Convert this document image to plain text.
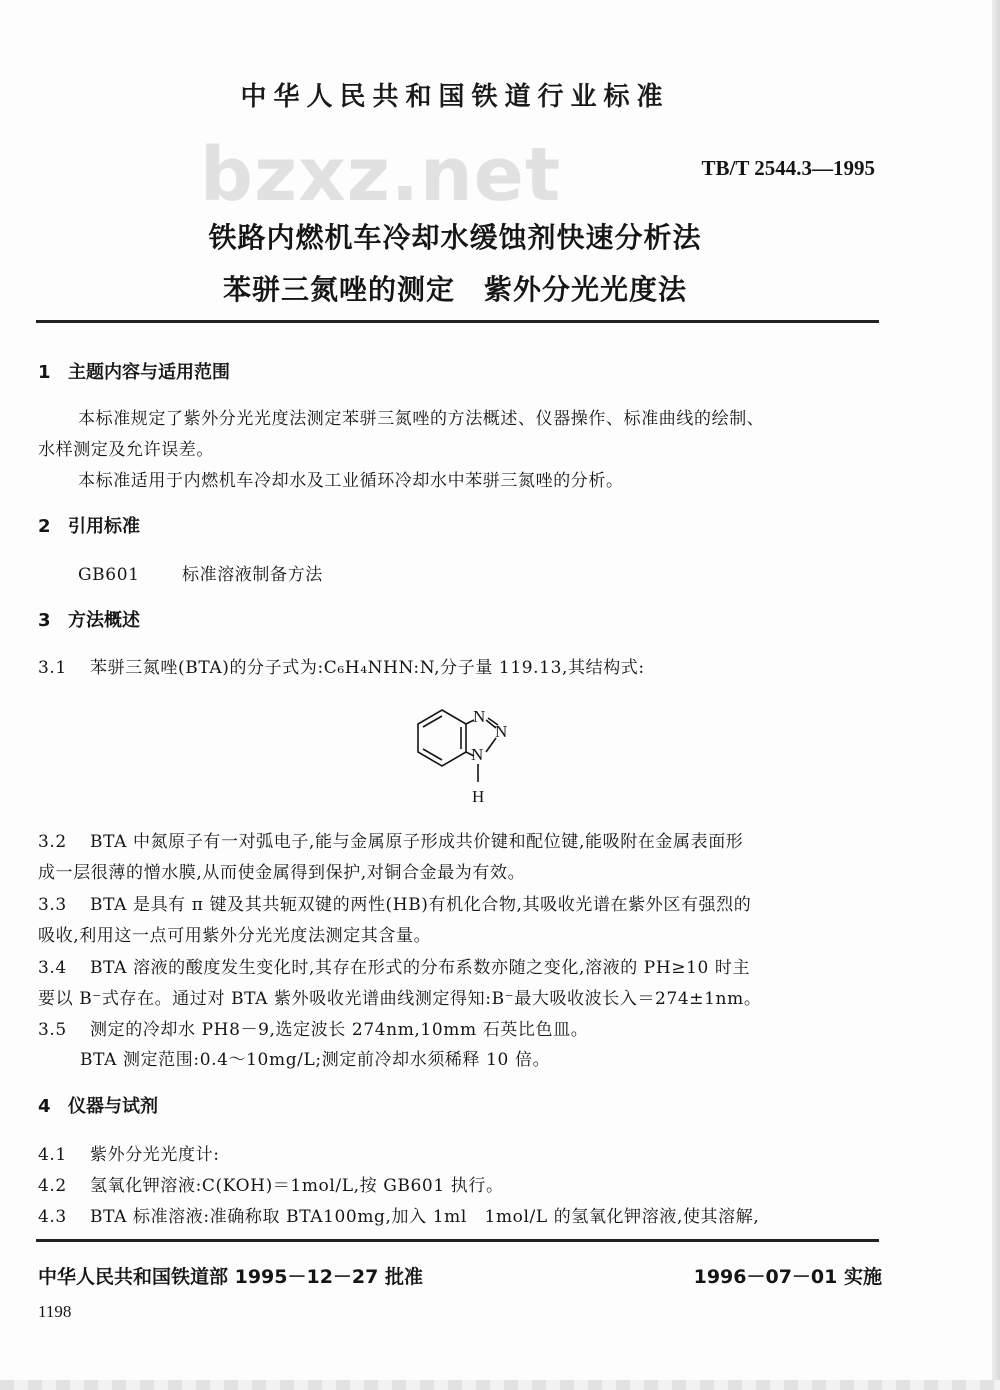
中华人民共和国铁道行业标准
bzxz.net	TB/T 2544.3—1995
铁路内燃机车冷却水缓蚀剂快速分析法
苯骈三氮唑的测定　紫外分光光度法
1 主题内容与适用范围
本标准规定了紫外分光光度法测定苯骈三氮唑的方法概述、仪器操作、标准曲线的绘制、
水样测定及允许误差。
本标准适用于内燃机车冷却水及工业循环冷却水中苯骈三氮唑的分析。
2 引用标准
GB601 标准溶液制备方法
3 方法概述
3.1 苯骈三氮唑(BTA)的分子式为:C₆H₄NHN:N,分子量 119.13,其结构式:
N
N
N
H
3.2 BTA 中氮原子有一对弧电子,能与金属原子形成共价键和配位键,能吸附在金属表面形
成一层很薄的憎水膜,从而使金属得到保护,对铜合金最为有效。
3.3 BTA 是具有 π 键及其共轭双键的两性(HB)有机化合物,其吸收光谱在紫外区有强烈的
吸收,利用这一点可用紫外分光光度法测定其含量。
3.4 BTA 溶液的酸度发生变化时,其存在形式的分布系数亦随之变化,溶液的 PH≥10 时主
要以 B⁻式存在。通过对 BTA 紫外吸收光谱曲线测定得知:B⁻最大吸收波长入＝274±1nm。
3.5 测定的冷却水 PH8－9,选定波长 274nm,10mm 石英比色皿。
BTA 测定范围:0.4～10mg/L;测定前冷却水须稀释 10 倍。
4 仪器与试剂
4.1 紫外分光光度计:
4.2 氢氧化钾溶液:C(KOH)＝1mol/L,按 GB601 执行。
4.3 BTA 标准溶液:准确称取 BTA100mg,加入 1ml　1mol/L 的氢氧化钾溶液,使其溶解,
中华人民共和国铁道部 1995－12－27 批准	1996－07－01 实施
1198
